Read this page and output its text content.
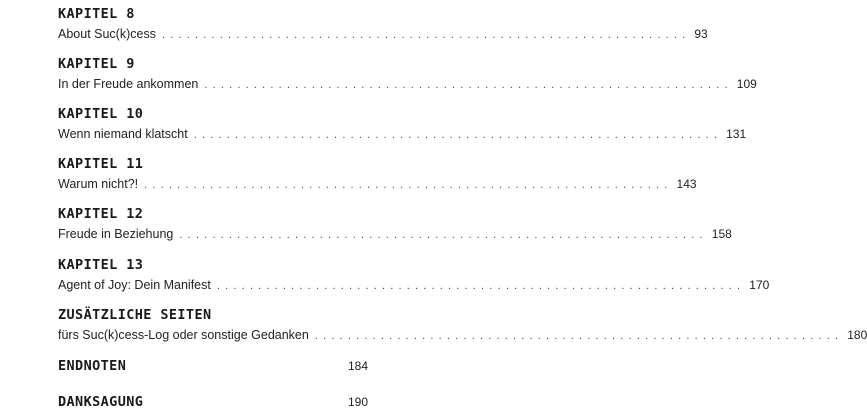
KAPITEL 8
About Suc(k)cess ................................................................ 93
KAPITEL 9
In der Freude ankommen ................................................................ 109
KAPITEL 10
Wenn niemand klatscht ................................................................ 131
KAPITEL 11
Warum nicht?! ................................................................ 143
KAPITEL 12
Freude in Beziehung ................................................................ 158
KAPITEL 13
Agent of Joy: Dein Manifest ................................................................ 170
ZUSÄTZLICHE SEITEN
fürs Suc(k)cess-Log oder sonstige Gedanken ................................................................ 180
ENDNOTEN	184
DANKSAGUNG	190
